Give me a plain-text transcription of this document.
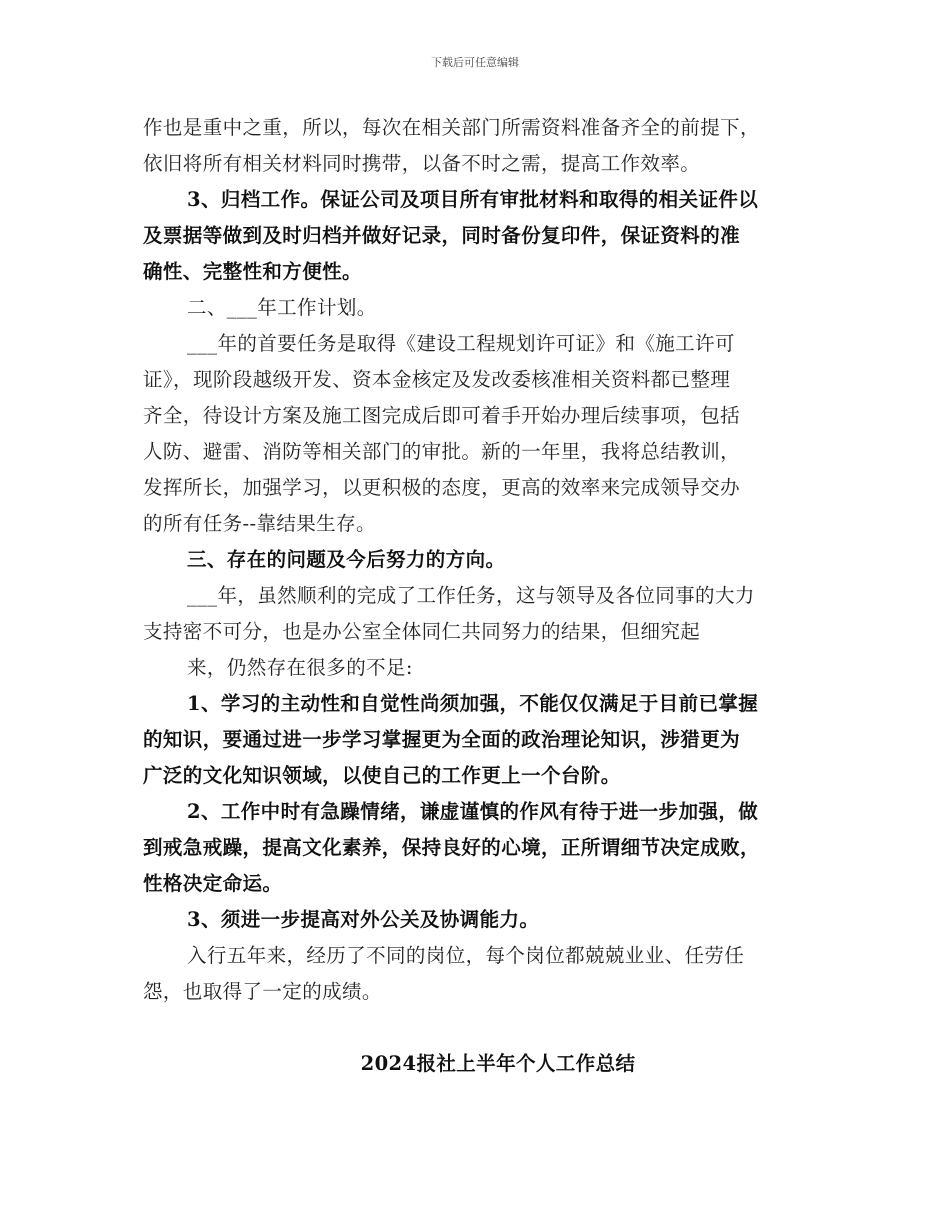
下载后可任意编辑
作也是重中之重，所以，每次在相关部门所需资料准备齐全的前提下，
依旧将所有相关材料同时携带，以备不时之需，提高工作效率。
3、归档工作。保证公司及项目所有审批材料和取得的相关证件以
及票据等做到及时归档并做好记录，同时备份复印件，保证资料的准
确性、完整性和方便性。
二、___年工作计划。
___年的首要任务是取得《建设工程规划许可证》和《施工许可
证》，现阶段越级开发、资本金核定及发改委核准相关资料都已整理
齐全，待设计方案及施工图完成后即可着手开始办理后续事项，包括
人防、避雷、消防等相关部门的审批。新的一年里，我将总结教训，
发挥所长，加强学习，以更积极的态度，更高的效率来完成领导交办
的所有任务--靠结果生存。
三、存在的问题及今后努力的方向。
___年，虽然顺利的完成了工作任务，这与领导及各位同事的大力
支持密不可分，也是办公室全体同仁共同努力的结果，但细究起
来，仍然存在很多的不足:
1、学习的主动性和自觉性尚须加强，不能仅仅满足于目前已掌握
的知识，要通过进一步学习掌握更为全面的政治理论知识，涉猎更为
广泛的文化知识领域，以使自己的工作更上一个台阶。
2、工作中时有急躁情绪，谦虚谨慎的作风有待于进一步加强，做
到戒急戒躁，提高文化素养，保持良好的心境，正所谓细节决定成败，
性格决定命运。
3、须进一步提高对外公关及协调能力。
入行五年来，经历了不同的岗位，每个岗位都兢兢业业、任劳任
怨，也取得了一定的成绩。
2024报社上半年个人工作总结
